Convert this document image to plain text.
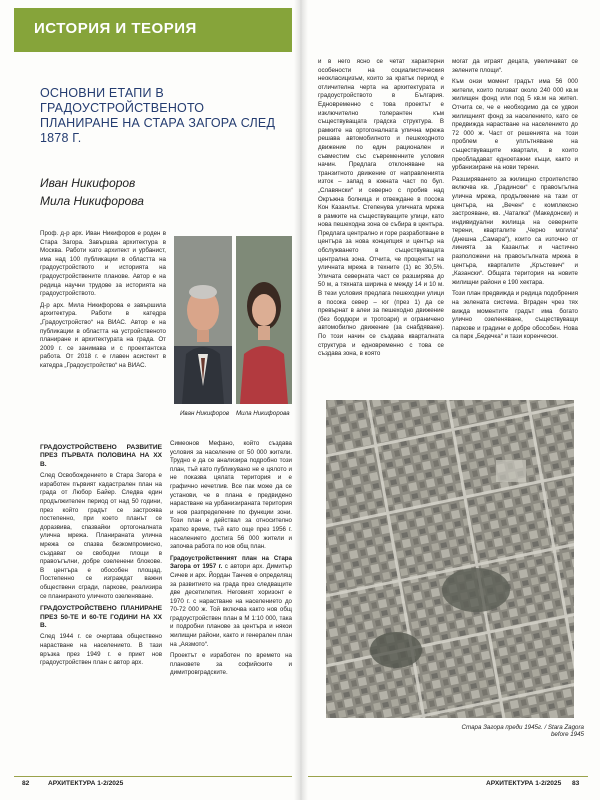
ИСТОРИЯ И ТЕОРИЯ
ОСНОВНИ ЕТАПИ В ГРАДОУСТРОЙСТВЕНОТО ПЛАНИРАНЕ НА СТАРА ЗАГОРА СЛЕД 1878 Г.
Иван Никифоров
Мила Никифорова

Проф. д-р арх. Иван Никифоров е роден в Стара Загора. Завършва архитектура в Москва. Работи като архитект и урбанист, има над 100 публикации в областта на градоустройството и историята на градоустройствените планове. Автор е на редица научни трудове за историята на градоустройството.

Д-р арх. Мила Никифорова е завършила архитектура. Работи в катедра „Градоустройство“ на ВИАС. Автор е на публикации в областта на устройственото планиране и архитектурата на града. От 2009 г. се занимава и с проектантска работа. От 2018 г. е главен асистент в катедра „Градоустройство“ на ВИАС.

Иван Никифоров Мила Никифорова
ГРАДОУСТРОЙСТВЕНО РАЗВИТИЕ ПРЕЗ ПЪРВАТА ПОЛОВИНА НА XX В.

След Освобождението в Стара Загора е изработен първият кадастрален план на града от Любор Байер. Следва един продължителен период от над 50 години, през който градът се застроява постепенно, при което планът се доразвива, спазвайки ортогоналната улична мрежа. Планираната улична мрежа се спазва безкомпромисно, създават се свободни площи в правоъгълни, добре озеленени блокове. В центъра е обособен площад. Постепенно се изграждат важни обществени сгради, паркове, реализира се планираното уличното озеленяване.

ГРАДОУСТРОЙСТВЕНО ПЛАНИРАНЕ ПРЕЗ 50-ТЕ И 60-ТЕ ГОДИНИ НА XX В.

След 1944 г. се очертава обществено нарастване на населението. В тази връзка през 1949 г. е приет нов градоустройствен план с автор арх.

Симеонов Мефано, който създава условия за население от 50 000 жители. Трудно е да се анализира подробно този план, тъй като публикувано не е цялото и не показва цялата територия и е графично нечетлив. Все пак може да се установи, че в плана е предвидено нарастване на урбанизираната територия и нов разпределение по функции зони. Този план е действал за относително кратко време, тъй като още през 1956 г. населението достига 56 000 жители и започва работа по нов общ план.

Градоустройственият план на Стара Загора от 1957 г. с автори арх. Димитър Сичев и арх. Йордан Танчев е определящ за развитието на града през следващите две десетилетия. Неговият хоризонт е 1970 г. с нарастване на населението до 70-72 000 ж. Той включва както нов общ градоустройствен план в М 1:10 000, така и подробни планове за центъра и някои жилищни райони, както и генерален план на „Аязмото“.

Проектът е изработен по времето на плановете за софийските и димитровградските.

и в него ясно се четат характерни особености на социалистическия неокласицизъм, които за кратък период е отличителна черта на архитектурата и градоустройството в България. Едновременно с това проектът е изключително толерантен към съществуващата градска структура. В рамките на ортогоналната улична мрежа решава автомобилното и пешеходното движение по един рационален и съвместим със съвременните условия начин. Предлага отклоняване на транзитното движение от направленията изток – запад в южната част по бул. „Славянски“ и северно с пробив над Окръжна болница и отвеждане в посока Кон Казанлък. Степенува уличната мрежа в рамките на съществуващите улици, като нова пешеходна зона се събира в центъра. Предлага централно и горе разработване в центъра за нова концепция и център на обслужването в съществуващата централна зона. Отчита, че процентът на уличната мрежа в техните (1) вс 30,5%. Уличата северната част се разширява до 50 м, а тяхната ширина е между 14 и 10 м. В тези условия предлага пешеходни улици в посока север – юг (през 1) да се превърнат в алеи за пешеходно движение (без бордюри и тротоари) и ограничено автомобилно движение (за снабдяване). По този начин се създава кварталната структура и едновременно с това се създава зона, в която

могат да играят децата, увеличават се зелените площи“.

Към онзи момент градът има 56 000 жители, които ползват около 240 000 кв.м жилищен фонд или под 5 кв.м на жител. Отчита се, че е необходимо да се удвои жилищният фонд за населението, като се предвижда нарастване на населението до 72 000 ж. Част от решенията на този проблем е уплътняване на съществуващите квартали, в които преобладават едноетажни къщи, както и урбанизиране на нови терени.

Разширяването за жилищно строителство включва кв. „Градински“ с правоъгълна улична мрежа, продължение на тази от центъра, на „Вечен“ с комплексно застрояване, кв. „Чаталка“ (Македонски) и индивидуални жилища на северните терени, кварталите „Черно могила“ (днешна „Самара“), които са източно от линията за Казанлък и частично разположени на правоъгълната мрежа в центъра, кварталите „Кръстевич“ и „Казански“. Общата територия на новите жилищни райони е 190 хектара.

Този план предвижда и редица подобрения на зелената система. Вграден чрез тях вижда моментите градът има богато улично озеленяване, съществуващи паркове и градини е добре обособен. Нова са парк „Бедечка“ и тази коренчески.

Стара Загора преди 1945г. / Stara Zagora before 1945
82	АРХИТЕКТУРА 1-2/2025	АРХИТЕКТУРА 1-2/2025 83
